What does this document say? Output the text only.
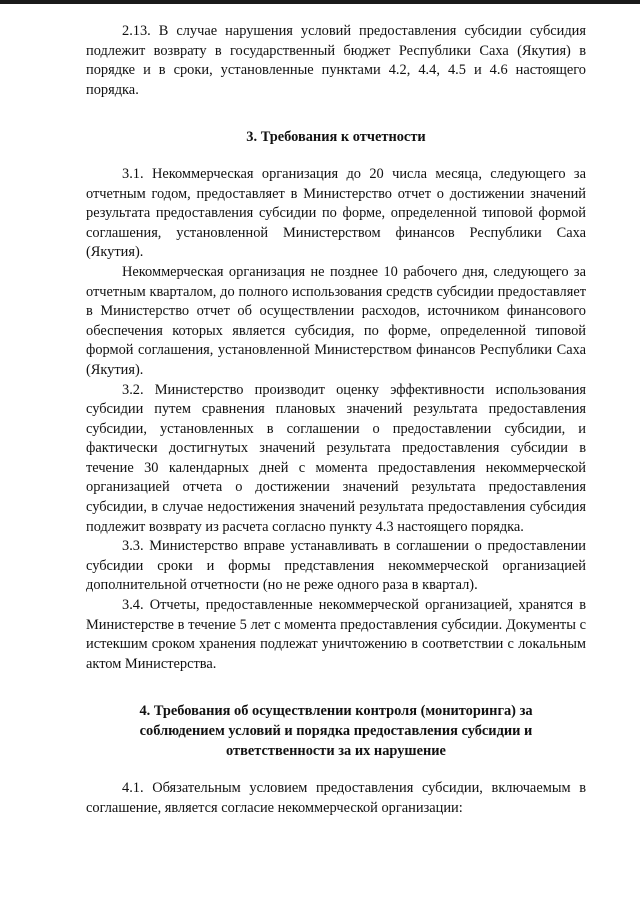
2.13. В случае нарушения условий предоставления субсидии субсидия подлежит возврату в государственный бюджет Республики Саха (Якутия) в порядке и в сроки, установленные пунктами 4.2, 4.4, 4.5 и 4.6 настоящего порядка.

3. Требования к отчетности

3.1. Некоммерческая организация до 20 числа месяца, следующего за отчетным годом, предоставляет в Министерство отчет о достижении значений результата предоставления субсидии по форме, определенной типовой формой соглашения, установленной Министерством финансов Республики Саха (Якутия).

Некоммерческая организация не позднее 10 рабочего дня, следующего за отчетным кварталом, до полного использования средств субсидии предоставляет в Министерство отчет об осуществлении расходов, источником финансового обеспечения которых является субсидия, по форме, определенной типовой формой соглашения, установленной Министерством финансов Республики Саха (Якутия).

3.2. Министерство производит оценку эффективности использования субсидии путем сравнения плановых значений результата предоставления субсидии, установленных в соглашении о предоставлении субсидии, и фактически достигнутых значений результата предоставления субсидии в течение 30 календарных дней с момента предоставления некоммерческой организацией отчета о достижении значений результата предоставления субсидии, в случае недостижения значений результата предоставления субсидия подлежит возврату из расчета согласно пункту 4.3 настоящего порядка.

3.3. Министерство вправе устанавливать в соглашении о предоставлении субсидии сроки и формы представления некоммерческой организацией дополнительной отчетности (но не реже одного раза в квартал).

3.4. Отчеты, предоставленные некоммерческой организацией, хранятся в Министерстве в течение 5 лет с момента предоставления субсидии. Документы с истекшим сроком хранения подлежат уничтожению в соответствии с локальным актом Министерства.

4. Требования об осуществлении контроля (мониторинга) за соблюдением условий и порядка предоставления субсидии и ответственности за их нарушение

4.1. Обязательным условием предоставления субсидии, включаемым в соглашение, является согласие некоммерческой организации:
